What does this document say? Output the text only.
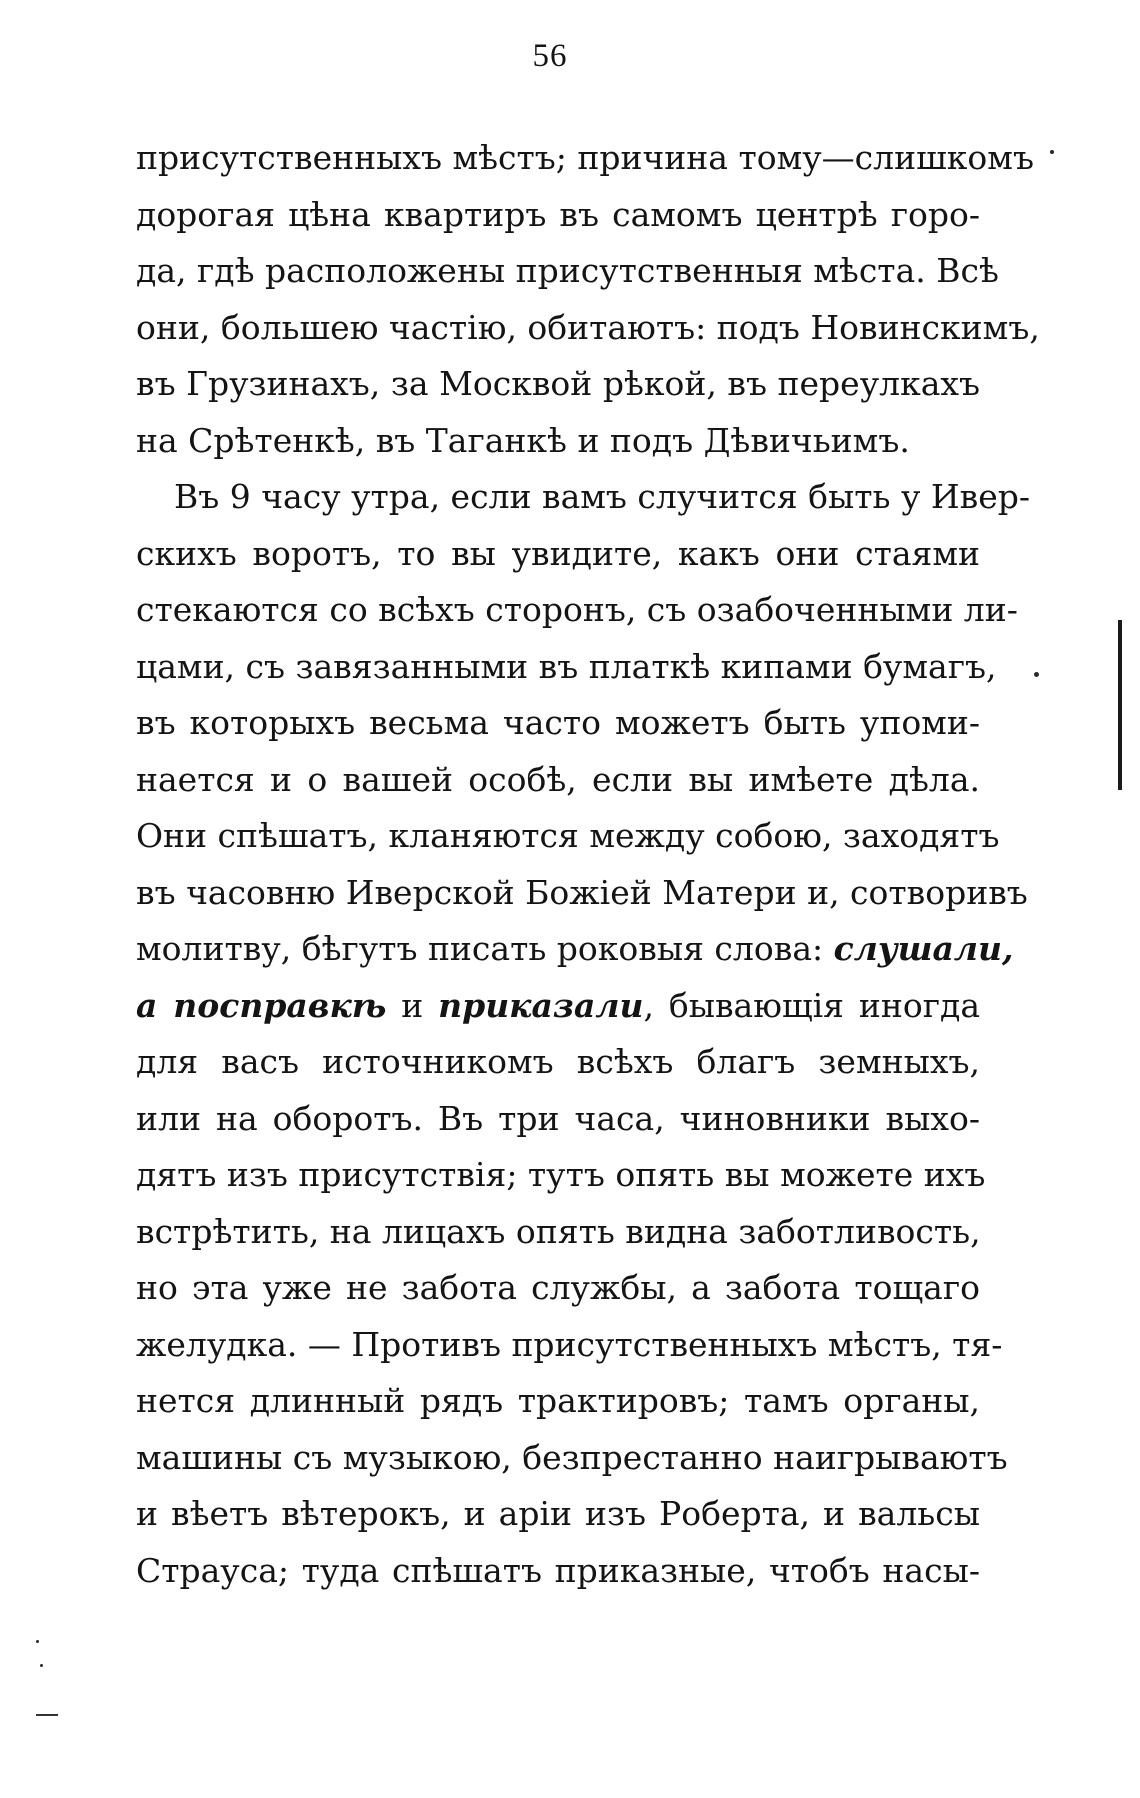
56
присутственныхъ мѣстъ; причина тому—слишкомъ
дорогая цѣна квартиръ въ самомъ центрѣ горо-
да, гдѣ расположены присутственныя мѣста. Всѣ
они, большею частію, обитаютъ: подъ Новинскимъ,
въ Грузинахъ, за Москвой рѣкой, въ переулкахъ
на Срѣтенкѣ, въ Таганкѣ и подъ Дѣвичьимъ.
Въ 9 часу утра, если вамъ случится быть у Ивер-
скихъ воротъ, то вы увидите, какъ они стаями
стекаются со всѣхъ сторонъ, съ озабоченными ли-
цами, съ завязанными въ платкѣ кипами бумагъ,
въ которыхъ весьма часто можетъ быть упоми-
нается и о вашей особѣ, если вы имѣете дѣла.
Они спѣшатъ, кланяются между собою, заходятъ
въ часовню Иверской Божіей Матери и, сотворивъ
молитву, бѣгутъ писать роковыя слова: слушали,
а посправкѣ и приказали, бывающія иногда
для васъ источникомъ всѣхъ благъ земныхъ,
или на оборотъ. Въ три часа, чиновники выхо-
дятъ изъ присутствія; тутъ опять вы можете ихъ
встрѣтить, на лицахъ опять видна заботливость,
но эта уже не забота службы, а забота тощаго
желудка. — Противъ присутственныхъ мѣстъ, тя-
нется длинный рядъ трактировъ; тамъ органы,
машины съ музыкою, безпрестанно наигрываютъ
и вѣетъ вѣтерокъ, и аріи изъ Роберта, и вальсы
Страуса; туда спѣшатъ приказные, чтобъ насы-
